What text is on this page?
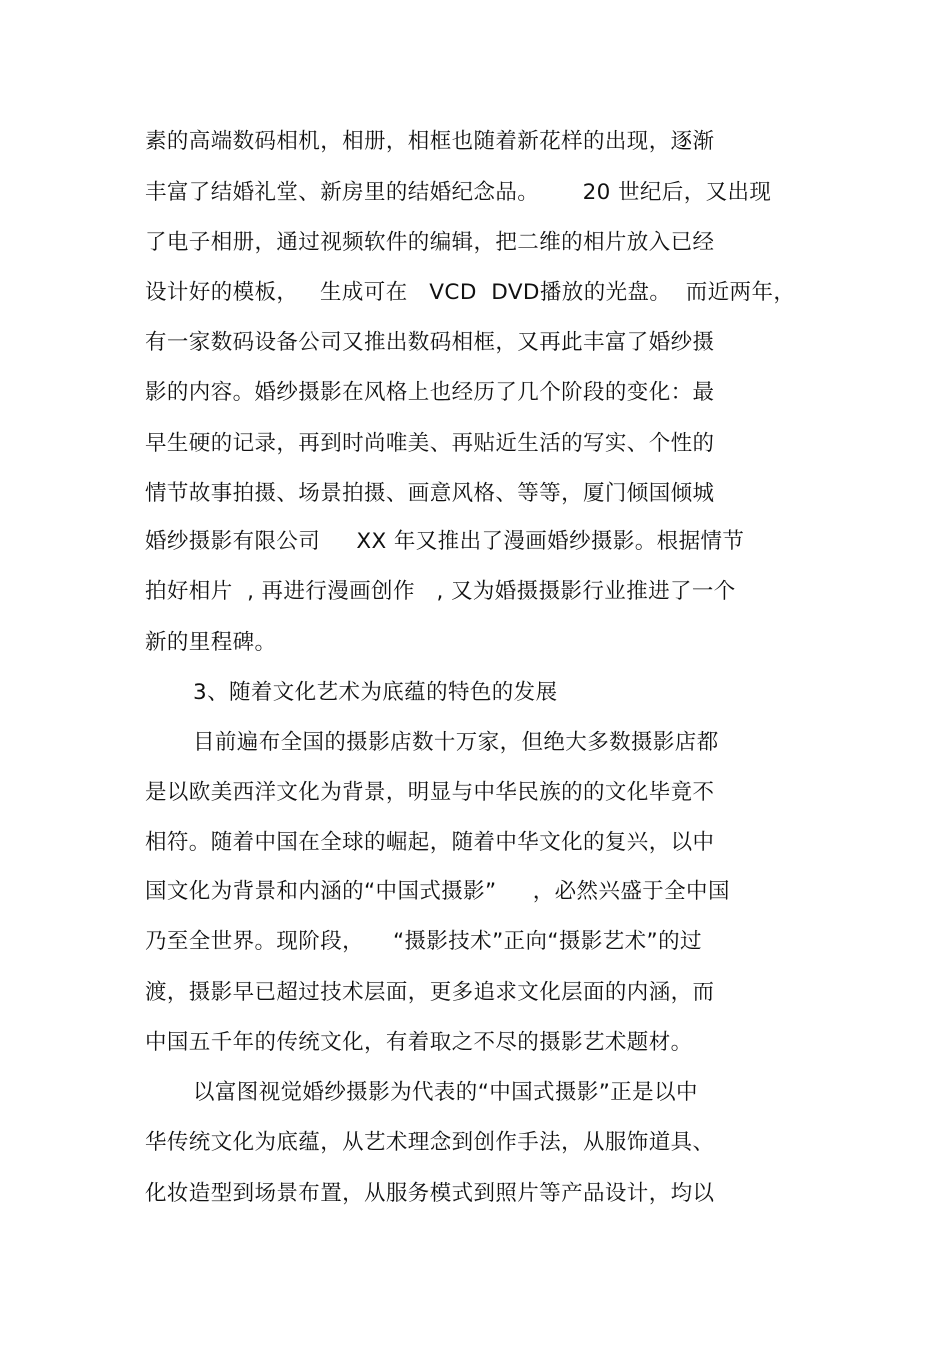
素的高端数码相机，相册，相框也随着新花样的出现，逐渐
丰富了结婚礼堂、新房里的结婚纪念品。      20 世纪后，又出现
了电子相册，通过视频软件的编辑，把二维的相片放入已经
设计好的模板，   生成可在   VCD  DVD播放的光盘。  而近两年，
有一家数码设备公司又推出数码相框，又再此丰富了婚纱摄
影的内容。婚纱摄影在风格上也经历了几个阶段的变化：最
早生硬的记录，再到时尚唯美、再贴近生活的写实、个性的
情节故事拍摄、场景拍摄、画意风格、等等，厦门倾国倾城
婚纱摄影有限公司     XX 年又推出了漫画婚纱摄影。根据情节
拍好相片  , 再进行漫画创作   , 又为婚摄摄影行业推进了一个
新的里程碑。
3、随着文化艺术为底蕴的特色的发展
目前遍布全国的摄影店数十万家，但绝大多数摄影店都
是以欧美西洋文化为背景，明显与中华民族的的文化毕竟不
相符。随着中国在全球的崛起，随着中华文化的复兴，以中
国文化为背景和内涵的“中国式摄影”     ，必然兴盛于全中国
乃至全世界。现阶段，    “摄影技术”正向“摄影艺术”的过
渡，摄影早已超过技术层面，更多追求文化层面的内涵，而
中国五千年的传统文化，有着取之不尽的摄影艺术题材。
以富图视觉婚纱摄影为代表的“中国式摄影”正是以中
华传统文化为底蕴，从艺术理念到创作手法，从服饰道具、
化妆造型到场景布置，从服务模式到照片等产品设计，均以
